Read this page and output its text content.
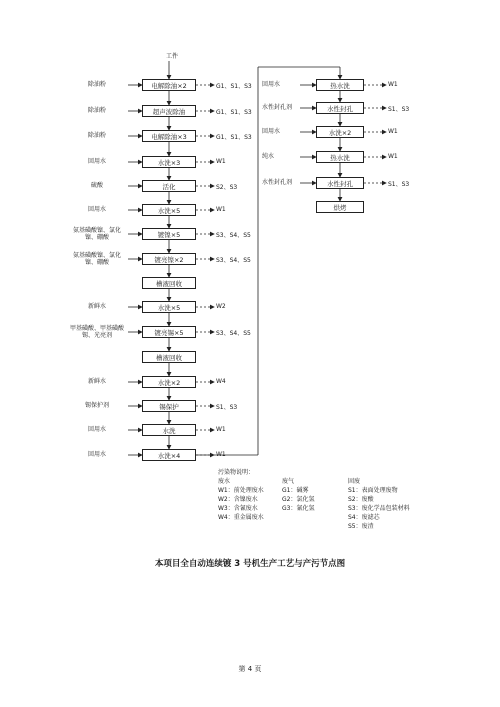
工件
电解除油×2
除油粉	G1、S1、S3
超声波除油
除油粉	G1、S1、S3
电解除油×3
除油粉	G1、S1、S3
水洗×3
回用水	W1
活化
硫酸	S2、S3
水洗×5
回用水	W1
镀镍×5
氨基磺酸镍、氯化镍、硼酸	S3、S4、S5
镀亮镍×2
氨基磺酸镍、氯化镍、硼酸	S3、S4、S5
槽液回收
水洗×5
新鲜水	W2
镀亮锡×5
甲基磺酸、甲基磺酸锡、光亮剂	S3、S4、S5
槽液回收
水洗×2
新鲜水	W4
锡保护
锡保护剂	S1、S3
水洗
回用水	W1
水洗×4
回用水	W1
热水洗
回用水	W1
水性封孔
水性封孔剂	S1、S3
水洗×2
回用水	W1
热水洗
纯水	W1
水性封孔
水性封孔剂	S1、S3
烘烤
污染物说明：
废水
W1：前处理废水
W2：含镍废水
W3：含氰废水
W4：重金属废水
废气
G1：碱雾
G2：氯化氢
G3：氰化氢
固废
S1：表面处理废物
S2：废酸
S3：废化学品包装材料
S4：废滤芯
S5：废渣
本项目全自动连续镀 3 号机生产工艺与产污节点图
第 4 页
